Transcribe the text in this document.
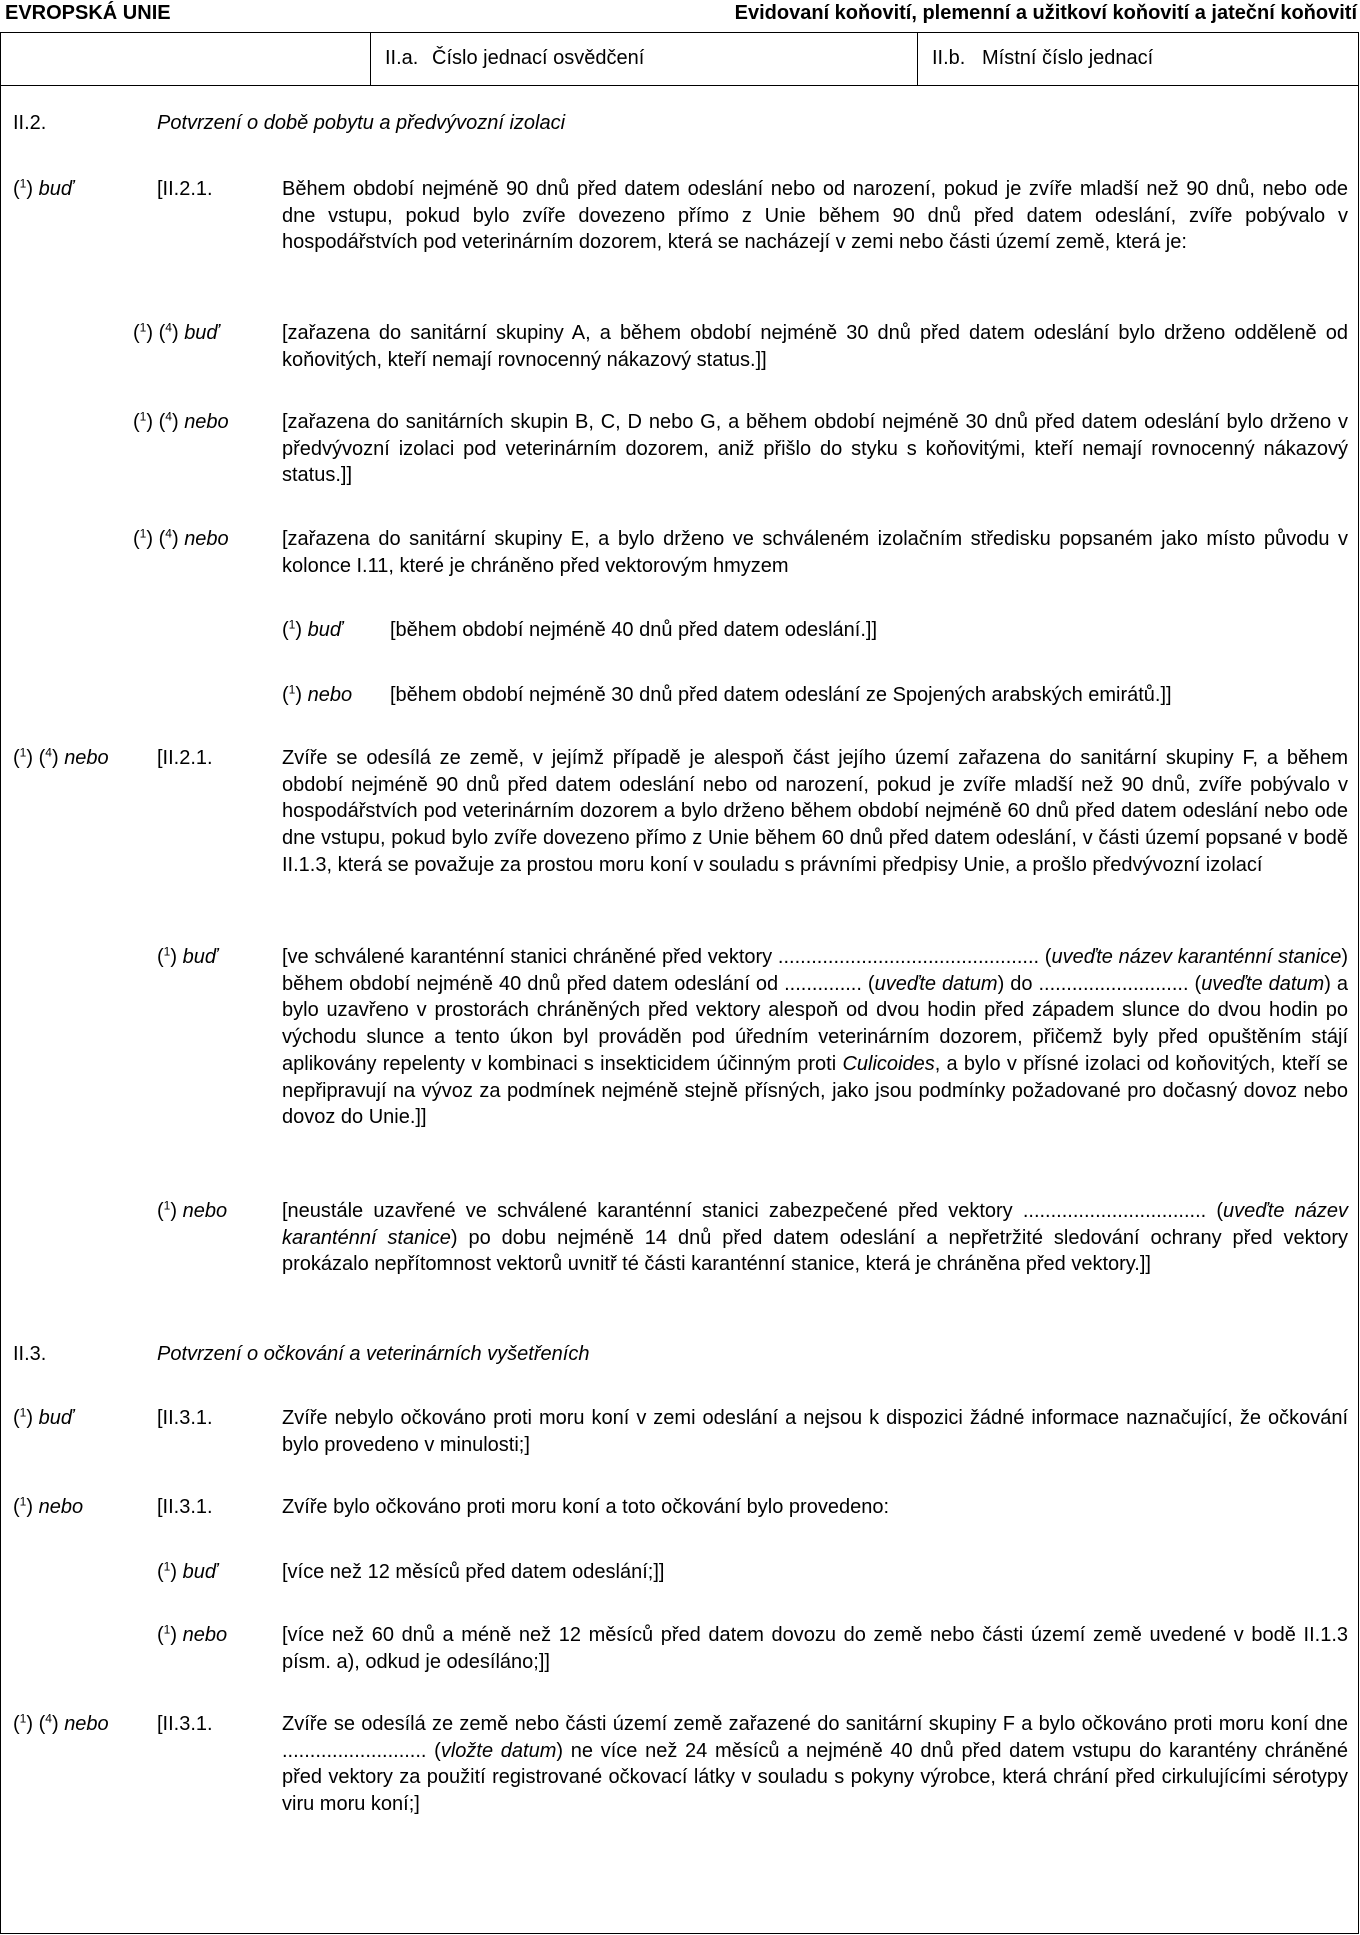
EVROPSKÁ UNIE	Evidovaní koňovití, plemenní a užitkoví koňovití a jateční koňovití
II.a. Číslo jednací osvědčení	II.b. Místní číslo jednací
II.2.	Potvrzení o době pobytu a předvývozní izolaci
($^1$) buď	[II.2.1.	Během období nejméně 90 dnů před datem odeslání nebo od narození, pokud je zvíře mladší než 90 dnů, nebo ode dne vstupu, pokud bylo zvíře dovezeno přímo z Unie během 90 dnů před datem odeslání, zvíře pobývalo v hospodářstvích pod veterinárním dozorem, která se nacházejí v zemi nebo části území země, která je:
($^1$) ($^4$) buď	[zařazena do sanitární skupiny A, a během období nejméně 30 dnů před datem odeslání bylo drženo odděleně od koňovitých, kteří nemají rovnocenný nákazový status.]]
($^1$) ($^4$) nebo	[zařazena do sanitárních skupin B, C, D nebo G, a během období nejméně 30 dnů před datem odeslání bylo drženo v předvývozní izolaci pod veterinárním dozorem, aniž přišlo do styku s koňovitými, kteří nemají rovnocenný nákazový status.]]
($^1$) ($^4$) nebo	[zařazena do sanitární skupiny E, a bylo drženo ve schváleném izolačním středisku popsaném jako místo původu v kolonce I.11, které je chráněno před vektorovým hmyzem
($^1$) buď [během období nejméně 40 dnů před datem odeslání.]]
($^1$) nebo [během období nejméně 30 dnů před datem odeslání ze Spojených arabských emirátů.]]
($^1$) ($^4$) nebo [II.2.1.	Zvíře se odesílá ze země, v jejímž případě je alespoň část jejího území zařazena do sanitární skupiny F, a během období nejméně 90 dnů před datem odeslání nebo od narození, pokud je zvíře mladší než 90 dnů, zvíře pobývalo v hospodářstvích pod veterinárním dozorem a bylo drženo během období nejméně 60 dnů před datem odeslání nebo ode dne vstupu, pokud bylo zvíře dovezeno přímo z Unie během 60 dnů před datem odeslání, v části území popsané v bodě II.1.3, která se považuje za prostou moru koní v souladu s právními předpisy Unie, a prošlo předvývozní izolací
($^1$) buď	[ve schválené karanténní stanici chráněné před vektory ............................................... (uveďte název karanténní stanice) během období nejméně 40 dnů před datem odeslání od .............. (uveďte datum) do ........................... (uveďte datum) a bylo uzavřeno v prostorách chráněných před vektory alespoň od dvou hodin před západem slunce do dvou hodin po východu slunce a tento úkon byl prováděn pod úředním veterinárním dozorem, přičemž byly před opuštěním stájí aplikovány repelenty v kombinaci s insekticidem účinným proti Culicoides, a bylo v přísné izolaci od koňovitých, kteří se nepřipravují na vývoz za podmínek nejméně stejně přísných, jako jsou podmínky požadované pro dočasný dovoz nebo dovoz do Unie.]]
($^1$) nebo	[neustále uzavřené ve schválené karanténní stanici zabezpečené před vektory ................................. (uveďte název karanténní stanice) po dobu nejméně 14 dnů před datem odeslání a nepřetržité sledování ochrany před vektory prokázalo nepřítomnost vektorů uvnitř té části karanténní stanice, která je chráněna před vektory.]]
II.3.	Potvrzení o očkování a veterinárních vyšetřeních
($^1$) buď	[II.3.1.	Zvíře nebylo očkováno proti moru koní v zemi odeslání a nejsou k dispozici žádné informace naznačující, že očkování bylo provedeno v minulosti;]
($^1$) nebo	[II.3.1.	Zvíře bylo očkováno proti moru koní a toto očkování bylo provedeno:
($^1$) buď	[více než 12 měsíců před datem odeslání;]]
($^1$) nebo	[více než 60 dnů a méně než 12 měsíců před datem dovozu do země nebo části území země uvedené v bodě II.1.3 písm. a), odkud je odesíláno;]]
($^1$) ($^4$) nebo [II.3.1.	Zvíře se odesílá ze země nebo části území země zařazené do sanitární skupiny F a bylo očkováno proti moru koní dne .......................... (vložte datum) ne více než 24 měsíců a nejméně 40 dnů před datem vstupu do karantény chráněné před vektory za použití registrované očkovací látky v souladu s pokyny výrobce, která chrání před cirkulujícími sérotypy viru moru koní;]
